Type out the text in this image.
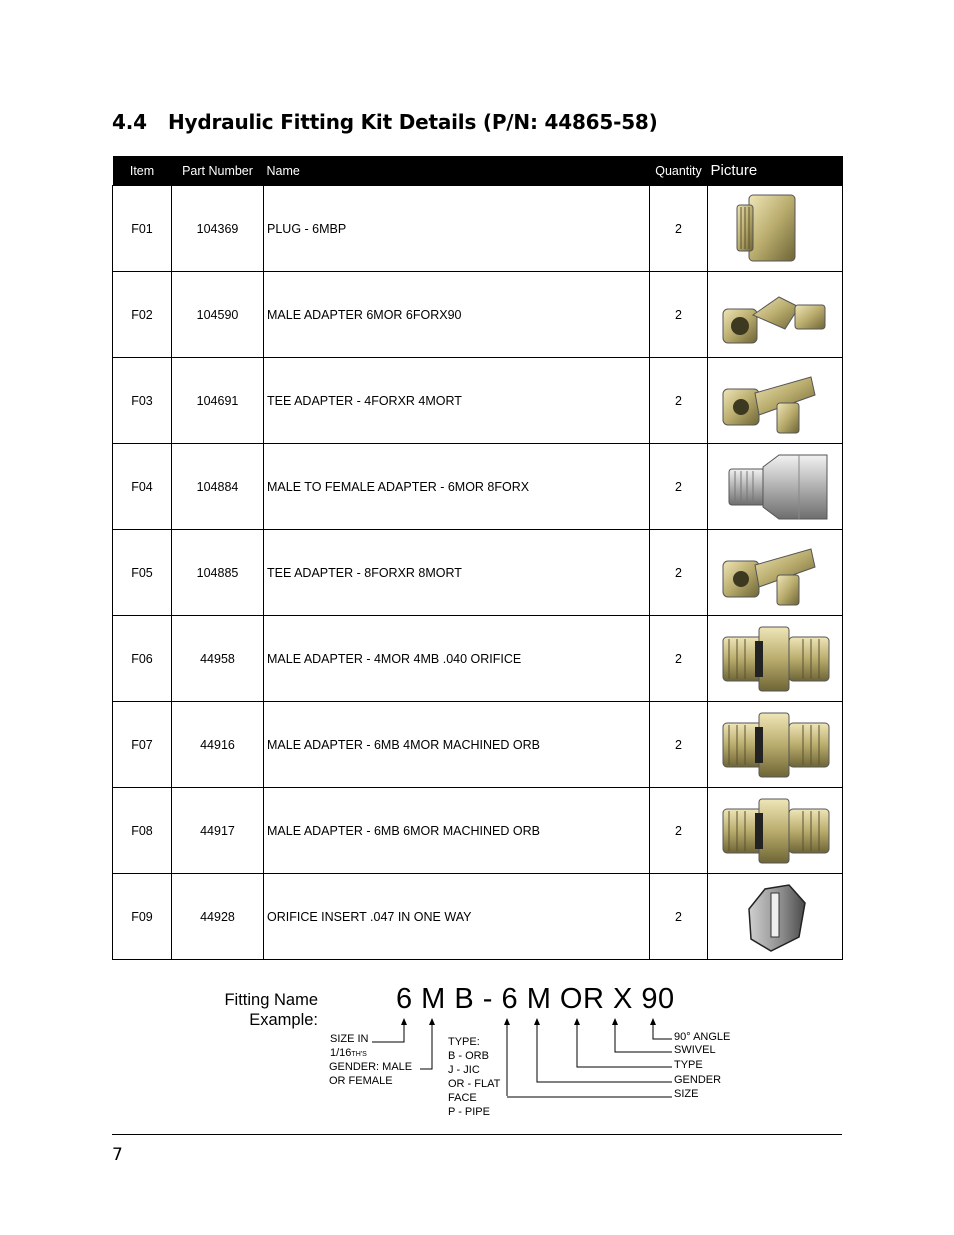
4.4 Hydraulic Fitting Kit Details (P/N: 44865-58)
Item	Part Number	Name	Quantity	Picture
F01	104369	PLUG - 6MBP	2	

F02	104590	MALE ADAPTER 6MOR 6FORX90	2	

F03	104691	TEE ADAPTER - 4FORXR 4MORT	2	

F04	104884	MALE TO FEMALE ADAPTER - 6MOR 8FORX	2	

F05	104885	TEE ADAPTER - 8FORXR 8MORT	2	

F06	44958	MALE ADAPTER - 4MOR 4MB .040 ORIFICE	2	

F07	44916	MALE ADAPTER - 6MB 4MOR MACHINED ORB	2	

F08	44917	MALE ADAPTER - 6MB 6MOR MACHINED ORB	2	

F09	44928	ORIFICE INSERT .047 IN ONE WAY	2	
Fitting Name
Example:
6 M B - 6 M OR X 90
SIZE IN
1/16TH'S
GENDER: MALE
OR FEMALE
TYPE:
B - ORB
J - JIC
OR - FLAT
FACE
P - PIPE
90° ANGLE
SWIVEL
TYPE
GENDER
SIZE
7
